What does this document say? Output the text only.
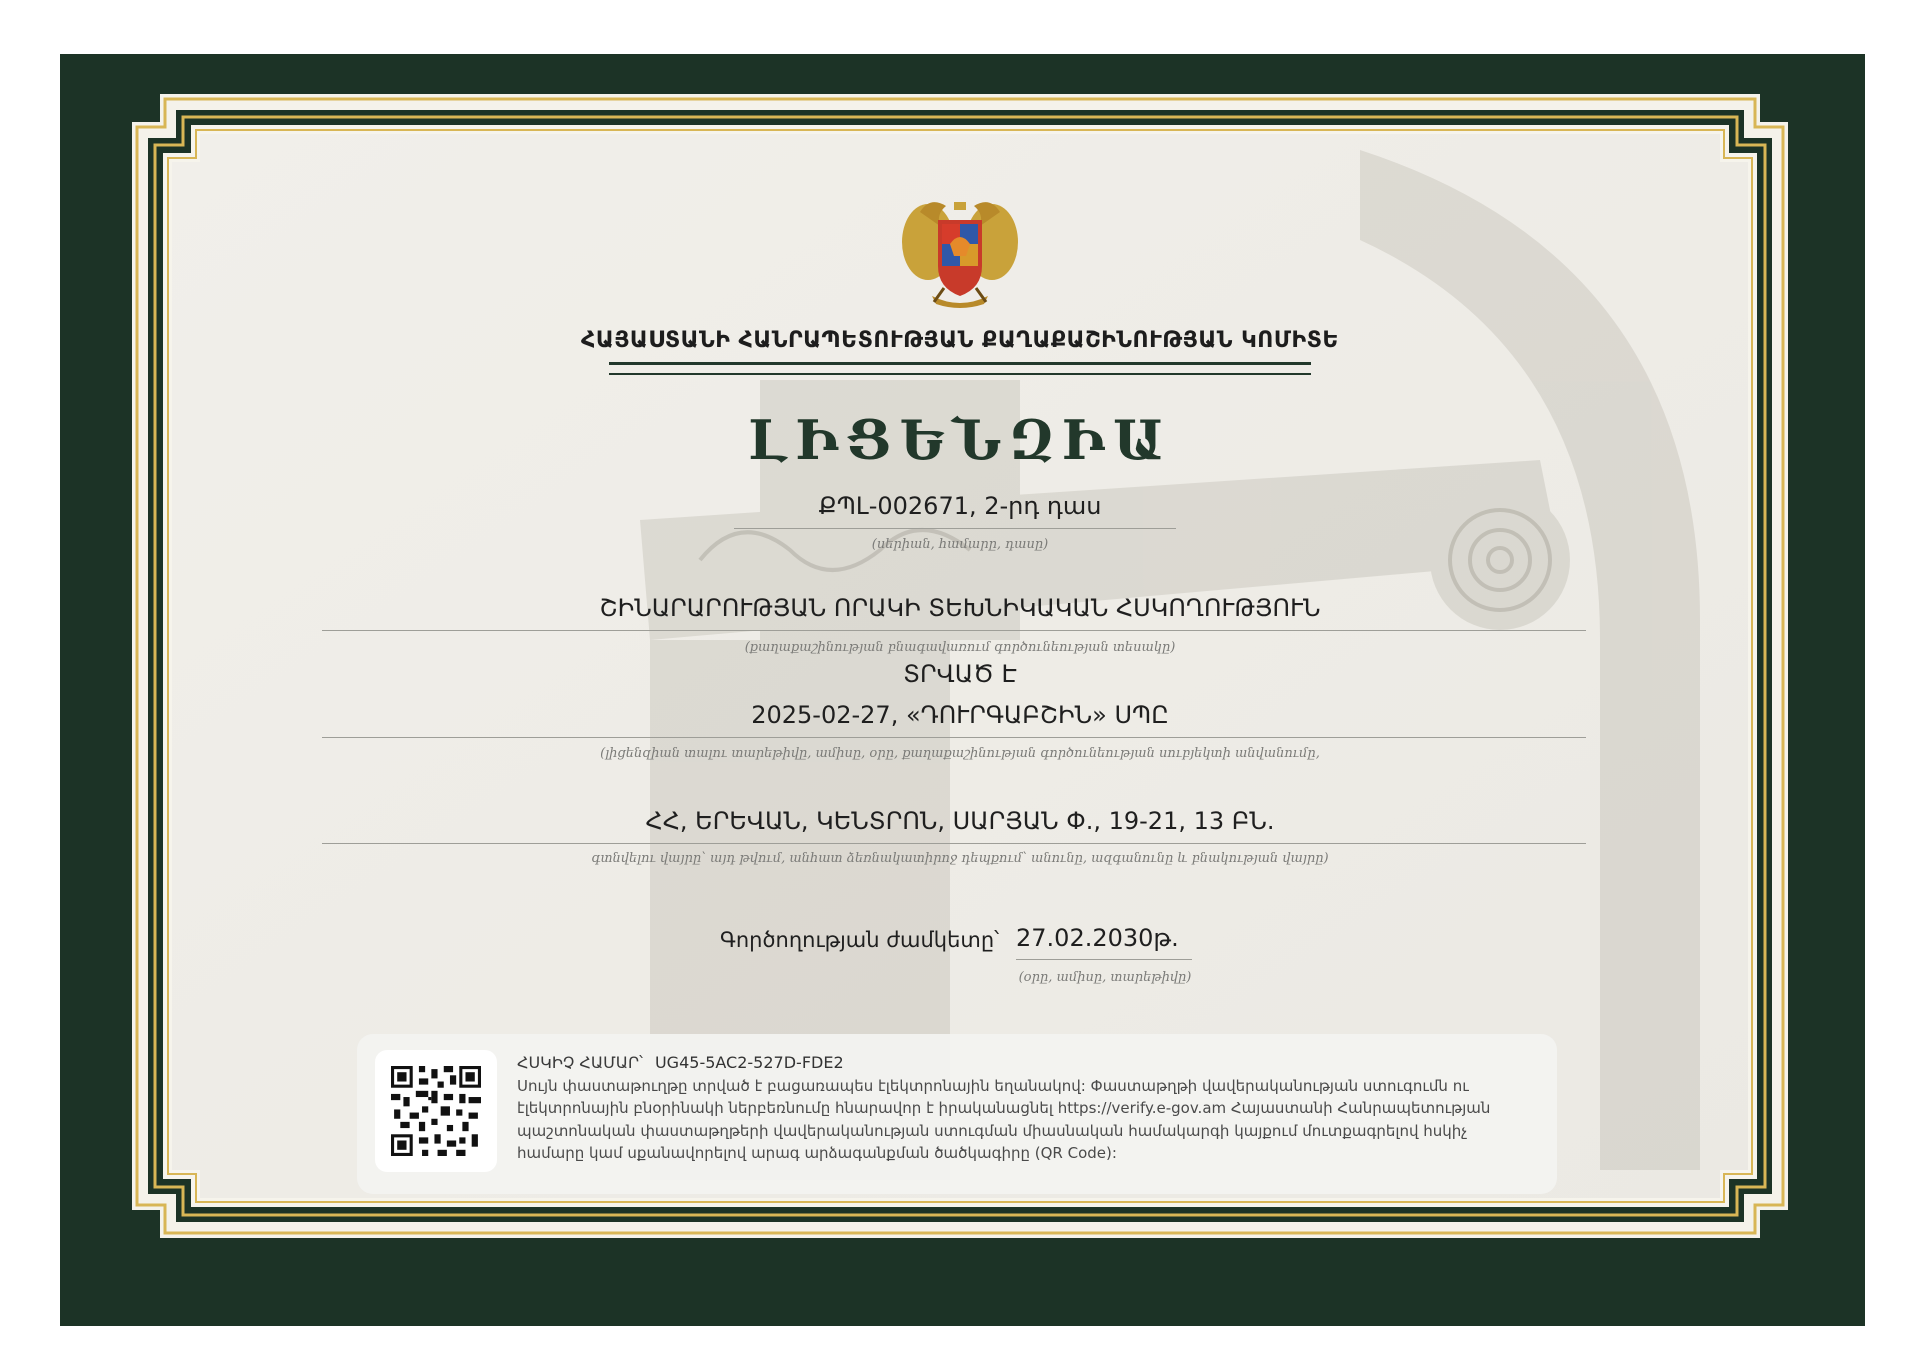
ՀԱՅԱՍՏԱՆԻ ՀԱՆՐԱՊԵՏՈՒԹՅԱՆ ՔԱՂԱՔԱՇԻՆՈՒԹՅԱՆ ԿՈՄԻՏԵ
ԼԻՑԵՆԶԻԱ
ՔՊԼ-002671, 2-րդ դաս
(սերիան, համարը, դասը)
ՇԻՆԱՐԱՐՈՒԹՅԱՆ ՈՐԱԿԻ ՏԵԽՆԻԿԱԿԱՆ ՀՍԿՈՂՈՒԹՅՈՒՆ
(քաղաքաշինության բնագավառում գործունեության տեսակը)
ՏՐՎԱԾ Է
2025-02-27, «ԴՈՒՐԳԱԲՇԻՆ» ՍՊԸ
(լիցենզիան տալու տարեթիվը, ամիսը, օրը, քաղաքաշինության գործունեության սուբյեկտի անվանումը,
ՀՀ, ԵՐԵՎԱՆ, ԿԵՆՏՐՈՆ, ՍԱՐՅԱՆ Փ., 19-21, 13 ԲՆ.
գտնվելու վայրը՝ այդ թվում, անհատ ձեռնակատիրոջ դեպքում՝ անունը, ազգանունը և բնակության վայրը)
Գործողության ժամկետը՝ 27.02.2030թ.
(օրը, ամիսը, տարեթիվը)
ՀՍԿԻՉ ՀԱՄԱՐ՝ UG45-5AC2-527D-FDE2
Սույն փաստաթուղթը տրված է բացառապես էլեկտրոնային եղանակով: Փաստաթղթի վավերականության ստուգումն ու էլեկտրոնային բնօրինակի ներբեռնումը հնարավոր է իրականացնել https://verify.e-gov.am Հայաստանի Հանրապետության պաշտոնական փաստաթղթերի վավերականության ստուգման միասնական համակարգի կայքում մուտքագրելով հսկիչ համարը կամ սքանավորելով արագ արձագանքման ծածկագիրը (QR Code):
